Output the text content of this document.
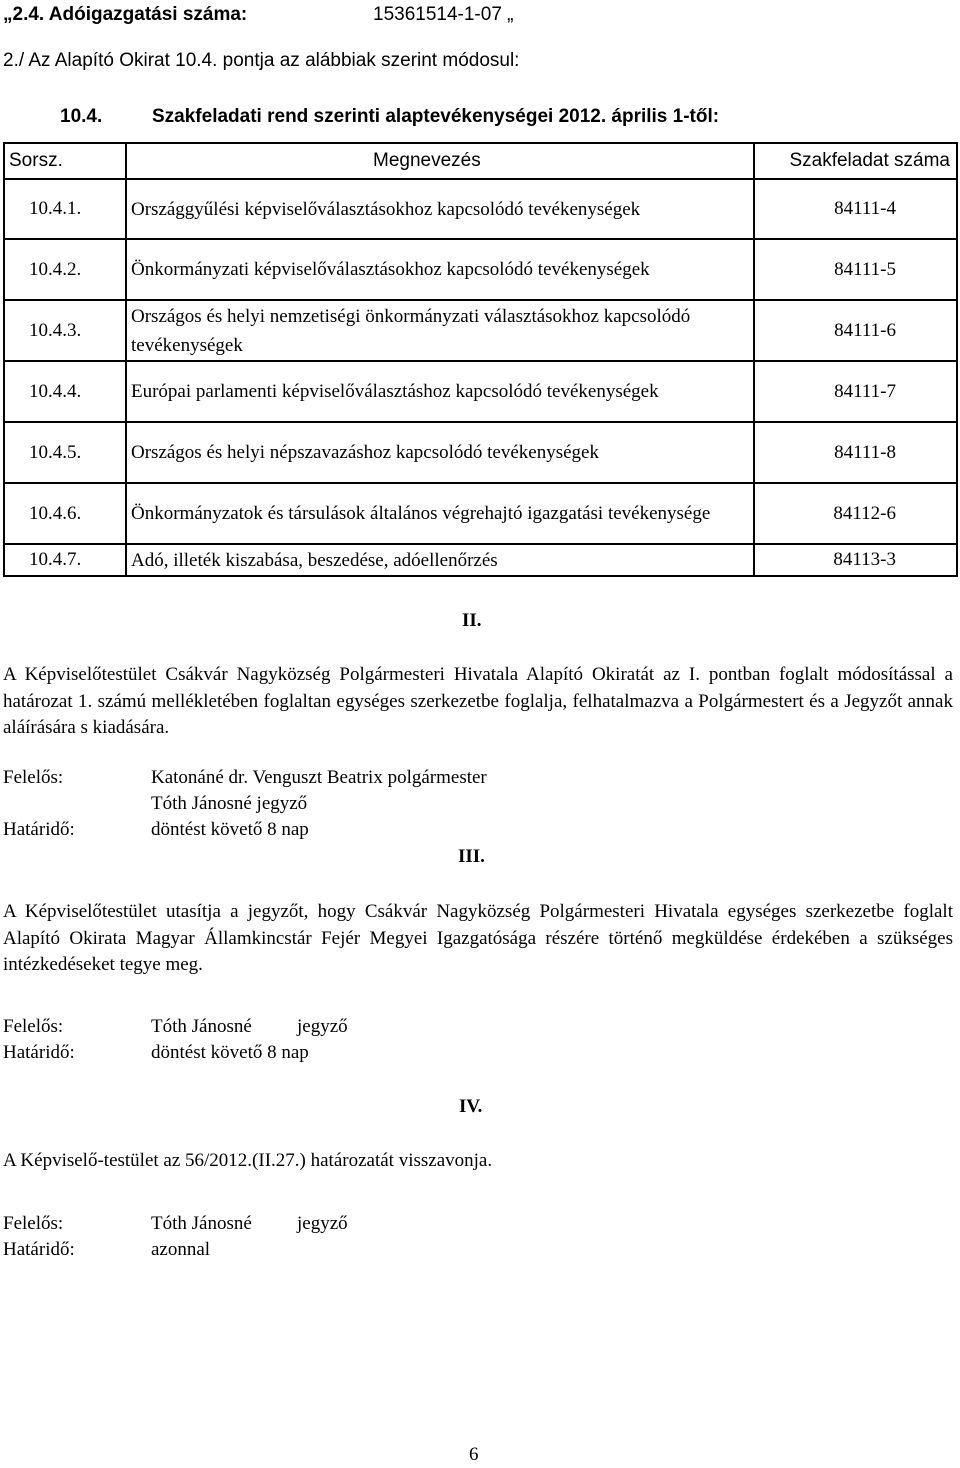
„2.4. Adóigazgatási száma:	15361514-1-07 „
2./ Az Alapító Okirat 10.4. pontja az alábbiak szerint módosul:
10.4.	Szakfeladati rend szerinti alaptevékenységei 2012. április 1-től:
Sorsz.	Megnevezés	Szakfeladat száma
10.4.1.	Országgyűlési képviselőválasztásokhoz kapcsolódó tevékenységek	84111-4
10.4.2.	Önkormányzati képviselőválasztásokhoz kapcsolódó tevékenységek	84111-5
10.4.3.	Országos és helyi nemzetiségi önkormányzati választásokhoz kapcsolódó tevékenységek	84111-6
10.4.4.	Európai parlamenti képviselőválasztáshoz kapcsolódó tevékenységek	84111-7
10.4.5.	Országos és helyi népszavazáshoz kapcsolódó tevékenységek	84111-8
10.4.6.	Önkormányzatok és társulások általános végrehajtó igazgatási tevékenysége	84112-6
10.4.7.	Adó, illeték kiszabása, beszedése, adóellenőrzés	84113-3
II.
A Képviselőtestület Csákvár Nagyközség Polgármesteri Hivatala Alapító Okiratát az I. pontban foglalt módosítással a határozat 1. számú mellékletében foglaltan egységes szerkezetbe foglalja, felhatalmazva a Polgármestert és a Jegyzőt annak aláírására s kiadására.
Felelős:	Katonáné dr. Venguszt Beatrix polgármester
Tóth Jánosné jegyző
Határidő:	döntést követő 8 nap
III.
A Képviselőtestület utasítja a jegyzőt, hogy Csákvár Nagyközség Polgármesteri Hivatala egységes szerkezetbe foglalt Alapító Okirata Magyar Államkincstár Fejér Megyei Igazgatósága részére történő megküldése érdekében a szükséges intézkedéseket tegye meg.
Felelős:	Tóth Jánosné jegyző
Határidő:	döntést követő 8 nap
IV.
A Képviselő-testület az 56/2012.(II.27.) határozatát visszavonja.
Felelős:	Tóth Jánosné jegyző
Határidő:	azonnal
6
